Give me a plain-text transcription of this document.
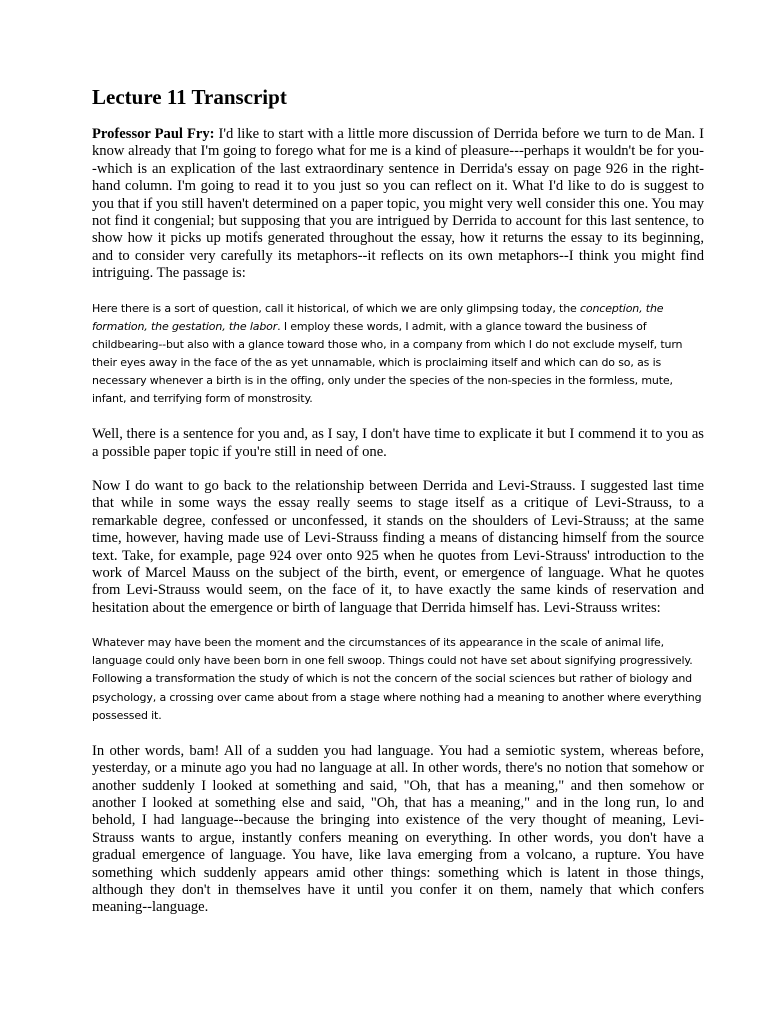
Lecture 11 Transcript

Professor Paul Fry: I'd like to start with a little more discussion of Derrida before we turn to de Man. I know already that I'm going to forego what for me is a kind of pleasure---perhaps it wouldn't be for you--which is an explication of the last extraordinary sentence in Derrida's essay on page 926 in the right-hand column. I'm going to read it to you just so you can reflect on it. What I'd like to do is suggest to you that if you still haven't determined on a paper topic, you might very well consider this one. You may not find it congenial; but supposing that you are intrigued by Derrida to account for this last sentence, to show how it picks up motifs generated throughout the essay, how it returns the essay to its beginning, and to consider very carefully its metaphors--it reflects on its own metaphors--I think you might find intriguing. The passage is:

Here there is a sort of question, call it historical, of which we are only glimpsing today, the conception, the formation, the gestation, the labor. I employ these words, I admit, with a glance toward the business of childbearing--but also with a glance toward those who, in a company from which I do not exclude myself, turn their eyes away in the face of the as yet unnamable, which is proclaiming itself and which can do so, as is necessary whenever a birth is in the offing, only under the species of the non-species in the formless, mute, infant, and terrifying form of monstrosity.

Well, there is a sentence for you and, as I say, I don't have time to explicate it but I commend it to you as a possible paper topic if you're still in need of one.

Now I do want to go back to the relationship between Derrida and Levi-Strauss. I suggested last time that while in some ways the essay really seems to stage itself as a critique of Levi-Strauss, to a remarkable degree, confessed or unconfessed, it stands on the shoulders of Levi-Strauss; at the same time, however, having made use of Levi-Strauss finding a means of distancing himself from the source text. Take, for example, page 924 over onto 925 when he quotes from Levi-Strauss' introduction to the work of Marcel Mauss on the subject of the birth, event, or emergence of language. What he quotes from Levi-Strauss would seem, on the face of it, to have exactly the same kinds of reservation and hesitation about the emergence or birth of language that Derrida himself has. Levi-Strauss writes:

Whatever may have been the moment and the circumstances of its appearance in the scale of animal life, language could only have been born in one fell swoop. Things could not have set about signifying progressively. Following a transformation the study of which is not the concern of the social sciences but rather of biology and psychology, a crossing over came about from a stage where nothing had a meaning to another where everything possessed it.

In other words, bam! All of a sudden you had language. You had a semiotic system, whereas before, yesterday, or a minute ago you had no language at all. In other words, there's no notion that somehow or another suddenly I looked at something and said, "Oh, that has a meaning," and then somehow or another I looked at something else and said, "Oh, that has a meaning," and in the long run, lo and behold, I had language--because the bringing into existence of the very thought of meaning, Levi-Strauss wants to argue, instantly confers meaning on everything. In other words, you don't have a gradual emergence of language. You have, like lava emerging from a volcano, a rupture. You have something which suddenly appears amid other things: something which is latent in those things, although they don't in themselves have it until you confer it on them, namely that which confers meaning--language.
